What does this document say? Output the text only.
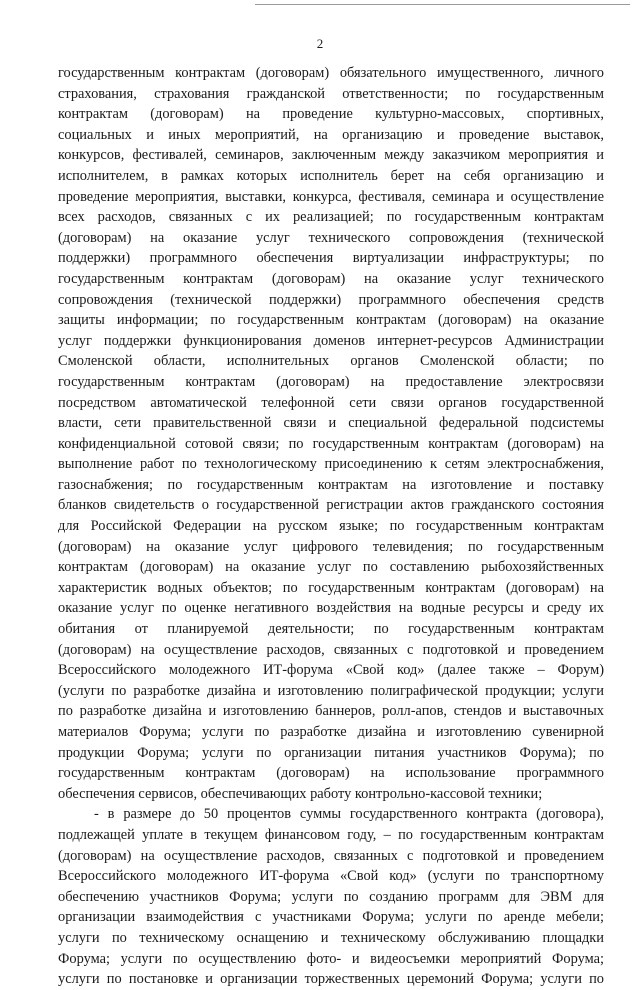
2
государственным контрактам (договорам) обязательного имущественного, личного
страхования, страхования гражданской ответственности; по государственным
контрактам (договорам) на проведение культурно-массовых, спортивных,
социальных и иных мероприятий, на организацию и проведение выставок,
конкурсов, фестивалей, семинаров, заключенным между заказчиком мероприятия и
исполнителем, в рамках которых исполнитель берет на себя организацию и
проведение мероприятия, выставки, конкурса, фестиваля, семинара и осуществление
всех расходов, связанных с их реализацией; по государственным контрактам
(договорам) на оказание услуг технического сопровождения (технической
поддержки) программного обеспечения виртуализации инфраструктуры; по
государственным контрактам (договорам) на оказание услуг технического
сопровождения (технической поддержки) программного обеспечения средств
защиты информации; по государственным контрактам (договорам) на оказание
услуг поддержки функционирования доменов интернет-ресурсов Администрации
Смоленской области, исполнительных органов Смоленской области; по
государственным контрактам (договорам) на предоставление электросвязи
посредством автоматической телефонной сети связи органов государственной
власти, сети правительственной связи и специальной федеральной подсистемы
конфиденциальной сотовой связи; по государственным контрактам (договорам) на
выполнение работ по технологическому присоединению к сетям электроснабжения,
газоснабжения; по государственным контрактам на изготовление и поставку
бланков свидетельств о государственной регистрации актов гражданского состояния
для Российской Федерации на русском языке; по государственным контрактам
(договорам) на оказание услуг цифрового телевидения; по государственным
контрактам (договорам) на оказание услуг по составлению рыбохозяйственных
характеристик водных объектов; по государственным контрактам (договорам) на
оказание услуг по оценке негативного воздействия на водные ресурсы и среду их
обитания от планируемой деятельности; по государственным контрактам
(договорам) на осуществление расходов, связанных с подготовкой и проведением
Всероссийского молодежного ИТ-форума «Свой код» (далее также – Форум)
(услуги по разработке дизайна и изготовлению полиграфической продукции; услуги
по разработке дизайна и изготовлению баннеров, ролл-апов, стендов и выставочных
материалов Форума; услуги по разработке дизайна и изготовлению сувенирной
продукции Форума; услуги по организации питания участников Форума); по
государственным контрактам (договорам) на использование программного
обеспечения сервисов, обеспечивающих работу контрольно-кассовой техники;
- в размере до 50 процентов суммы государственного контракта (договора),
подлежащей уплате в текущем финансовом году, – по государственным контрактам
(договорам) на осуществление расходов, связанных с подготовкой и проведением
Всероссийского молодежного ИТ-форума «Свой код» (услуги по транспортному
обеспечению участников Форума; услуги по созданию программ для ЭВМ для
организации взаимодействия с участниками Форума; услуги по аренде мебели;
услуги по техническому оснащению и техническому обслуживанию площадки
Форума; услуги по осуществлению фото- и видеосъемки мероприятий Форума;
услуги по постановке и организации торжественных церемоний Форума; услуги по
